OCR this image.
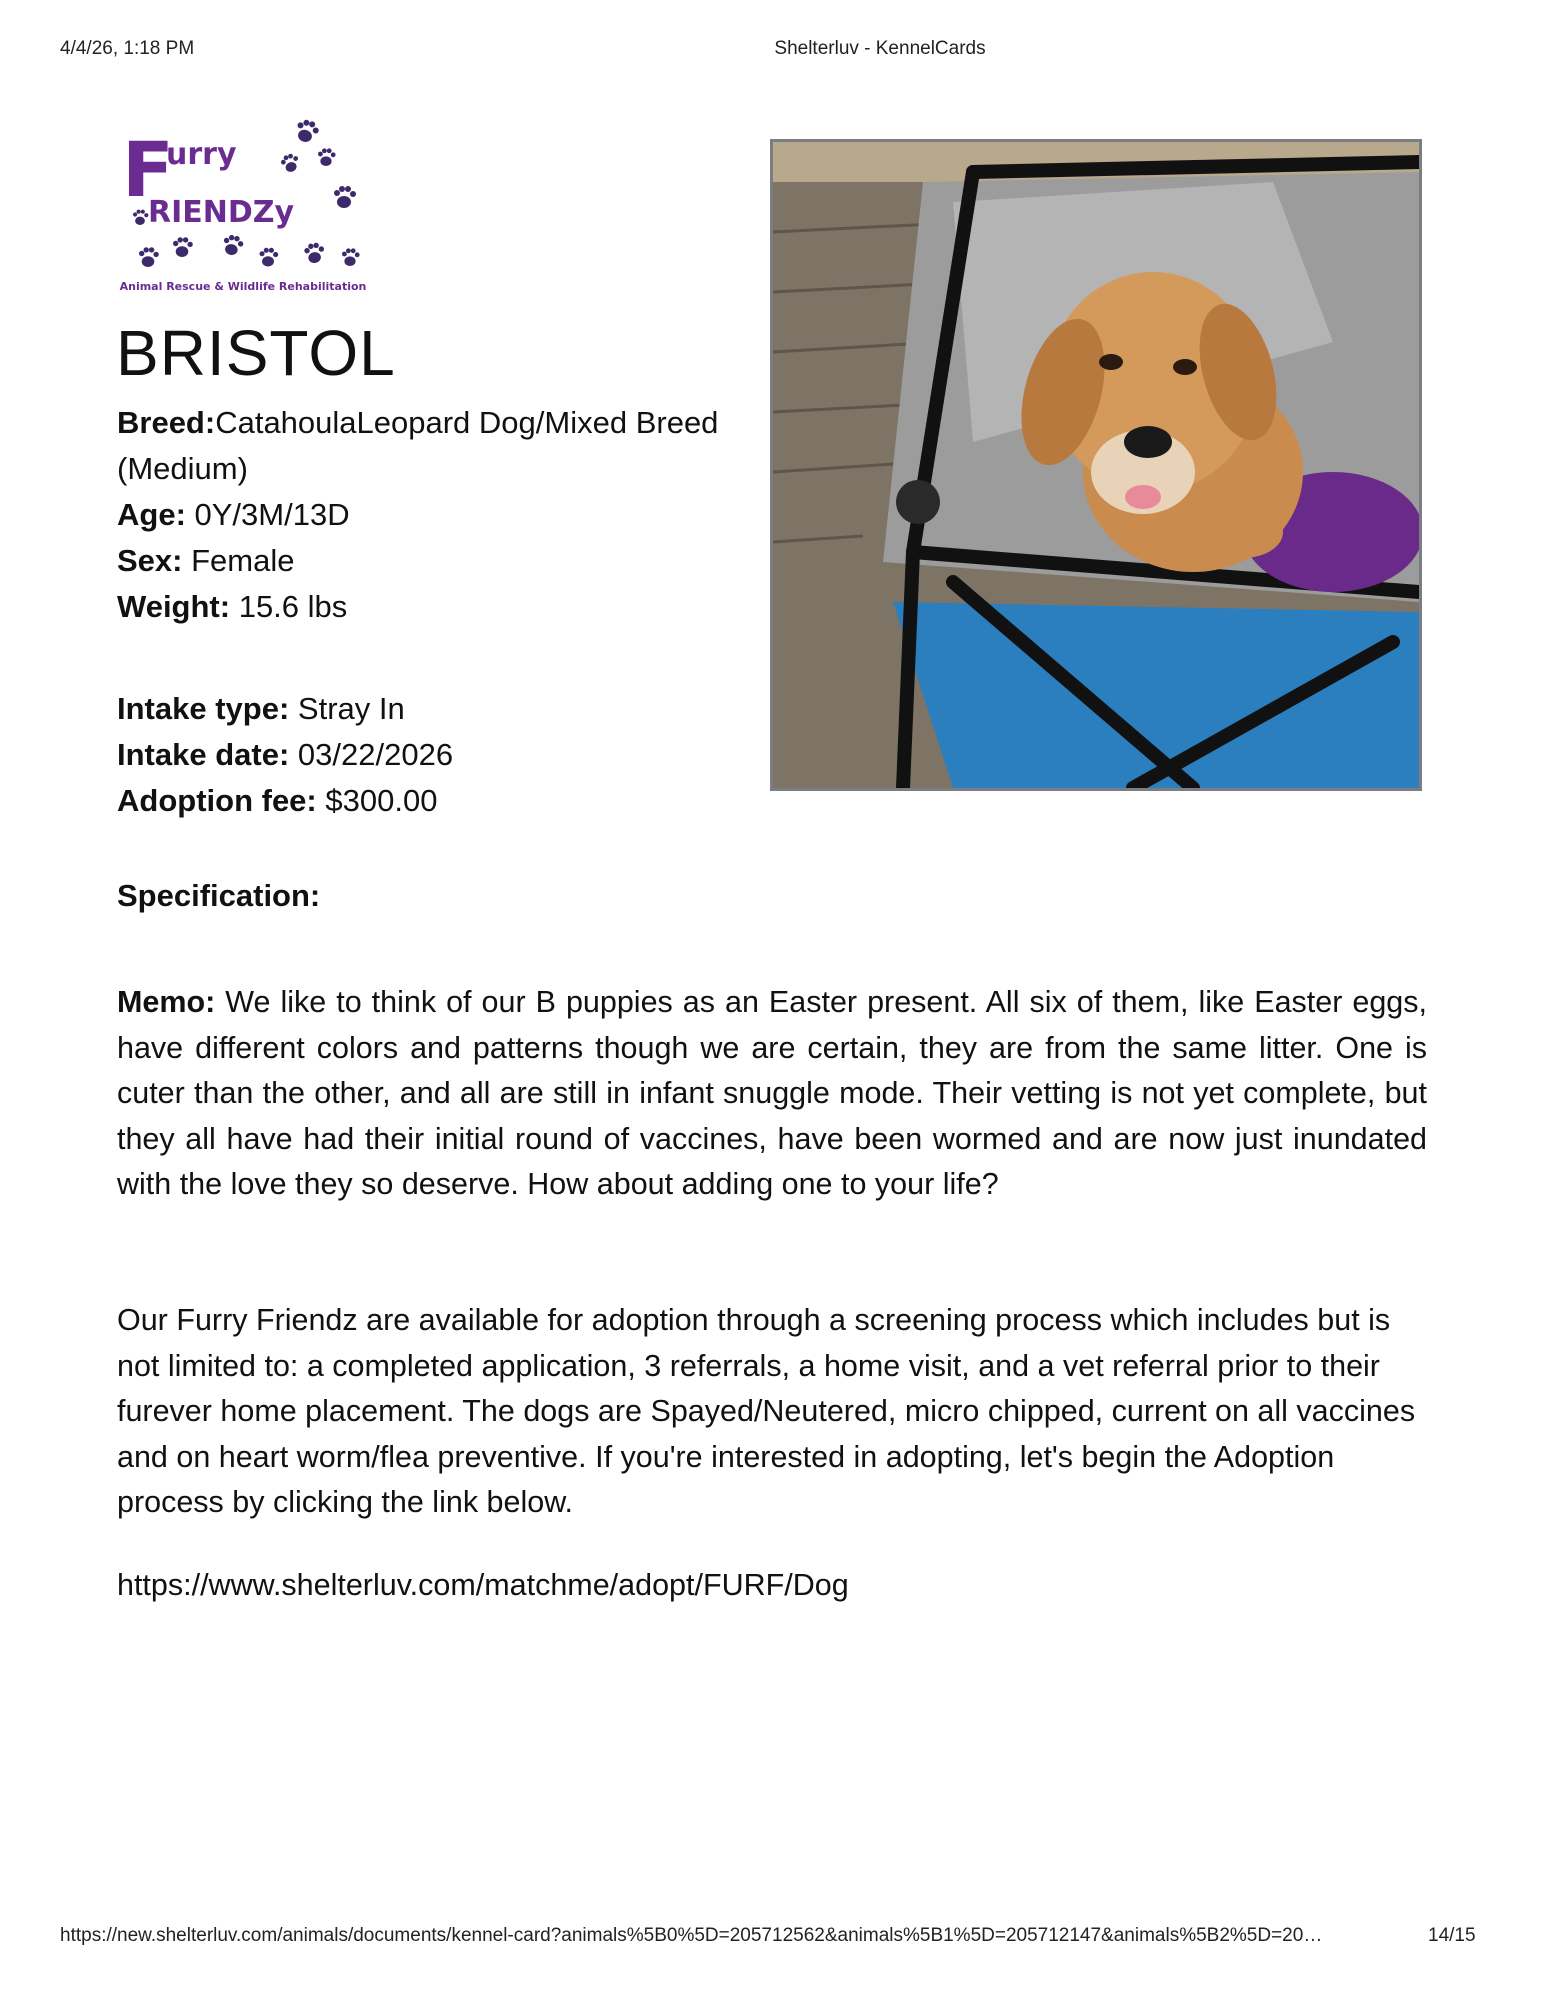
4/4/26, 1:18 PM	Shelterluv - KennelCards
F
urry
RIENDZy
Animal Rescue & Wildlife Rehabilitation
BRISTOL
Breed:CatahoulaLeopard Dog/Mixed Breed (Medium)
Age: 0Y/3M/13D
Sex: Female
Weight: 15.6 lbs
Intake type: Stray In
Intake date: 03/22/2026
Adoption fee: $300.00
Specification:
Memo: We like to think of our B puppies as an Easter present. All six of them, like Easter eggs, have different colors and patterns though we are certain, they are from the same litter. One is cuter than the other, and all are still in infant snuggle mode. Their vetting is not yet complete, but they all have had their initial round of vaccines, have been wormed and are now just inundated with the love they so deserve. How about adding one to your life?
Our Furry Friendz are available for adoption through a screening process which includes but is not limited to: a completed application, 3 referrals, a home visit, and a vet referral prior to their furever home placement. The dogs are Spayed/Neutered, micro chipped, current on all vaccines and on heart worm/flea preventive. If you're interested in adopting, let's begin the Adoption process by clicking the link below.
https://www.shelterluv.com/matchme/adopt/FURF/Dog
https://new.shelterluv.com/animals/documents/kennel-card?animals%5B0%5D=205712562&animals%5B1%5D=205712147&animals%5B2%5D=20…	14/15
